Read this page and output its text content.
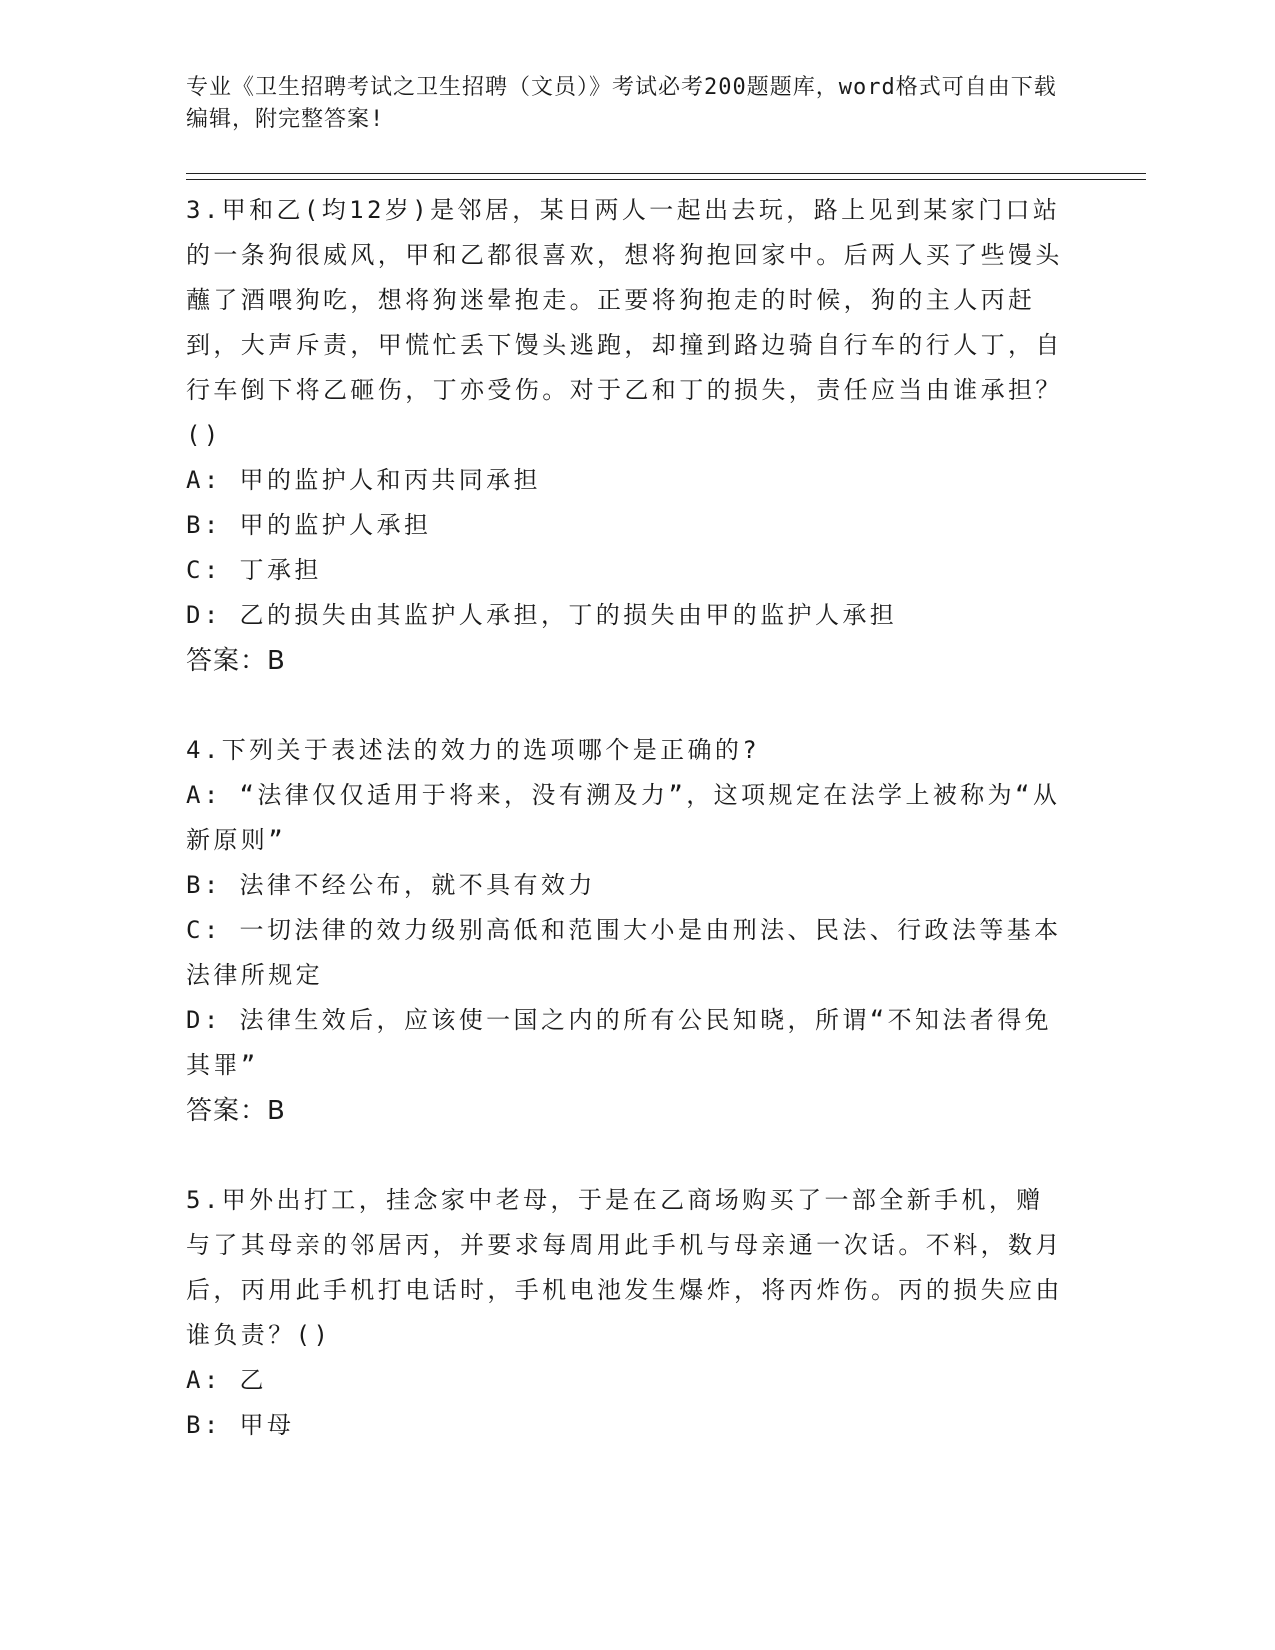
专业《卫生招聘考试之卫生招聘（文员）》考试必考200题题库，word格式可自由下载编辑，附完整答案!

3.甲和乙(均12岁)是邻居，某日两人一起出去玩，路上见到某家门口站的一条狗很威风，甲和乙都很喜欢，想将狗抱回家中。后两人买了些馒头蘸了酒喂狗吃，想将狗迷晕抱走。正要将狗抱走的时候，狗的主人丙赶到，大声斥责，甲慌忙丢下馒头逃跑，却撞到路边骑自行车的行人丁，自行车倒下将乙砸伤，丁亦受伤。对于乙和丁的损失，责任应当由谁承担？()

A: 甲的监护人和丙共同承担

B: 甲的监护人承担

C: 丁承担

D: 乙的损失由其监护人承担，丁的损失由甲的监护人承担

答案：B

4.下列关于表述法的效力的选项哪个是正确的?

A: “法律仅仅适用于将来，没有溯及力”，这项规定在法学上被称为“从新原则”

B: 法律不经公布，就不具有效力

C: 一切法律的效力级别高低和范围大小是由刑法、民法、行政法等基本法律所规定

D: 法律生效后，应该使一国之内的所有公民知晓，所谓“不知法者得免其罪”

答案：B

5.甲外出打工，挂念家中老母，于是在乙商场购买了一部全新手机，赠与了其母亲的邻居丙，并要求每周用此手机与母亲通一次话。不料，数月后，丙用此手机打电话时，手机电池发生爆炸，将丙炸伤。丙的损失应由谁负责？()

A: 乙

B: 甲母
